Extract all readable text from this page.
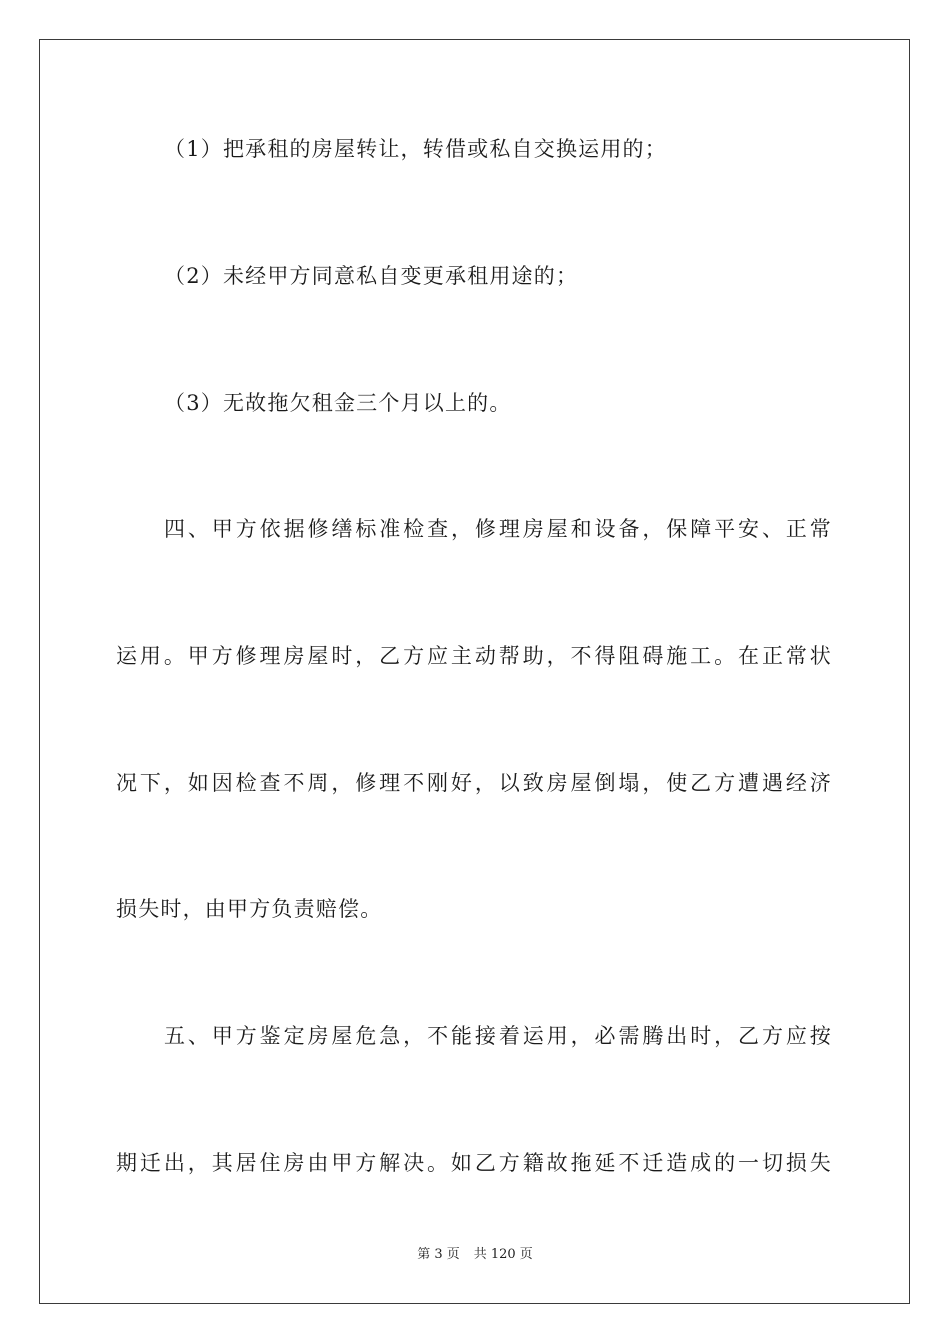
（1）把承租的房屋转让，转借或私自交换运用的；
（2）未经甲方同意私自变更承租用途的；
（3）无故拖欠租金三个月以上的。
四、甲方依据修缮标准检查，修理房屋和设备，保障平安、正常
运用。甲方修理房屋时，乙方应主动帮助，不得阻碍施工。在正常状
况下，如因检查不周，修理不刚好，以致房屋倒塌，使乙方遭遇经济
损失时，由甲方负责赔偿。
五、甲方鉴定房屋危急，不能接着运用，必需腾出时，乙方应按
期迁出，其居住房由甲方解决。如乙方籍故拖延不迁造成的一切损失
第 3 页 共 120 页
